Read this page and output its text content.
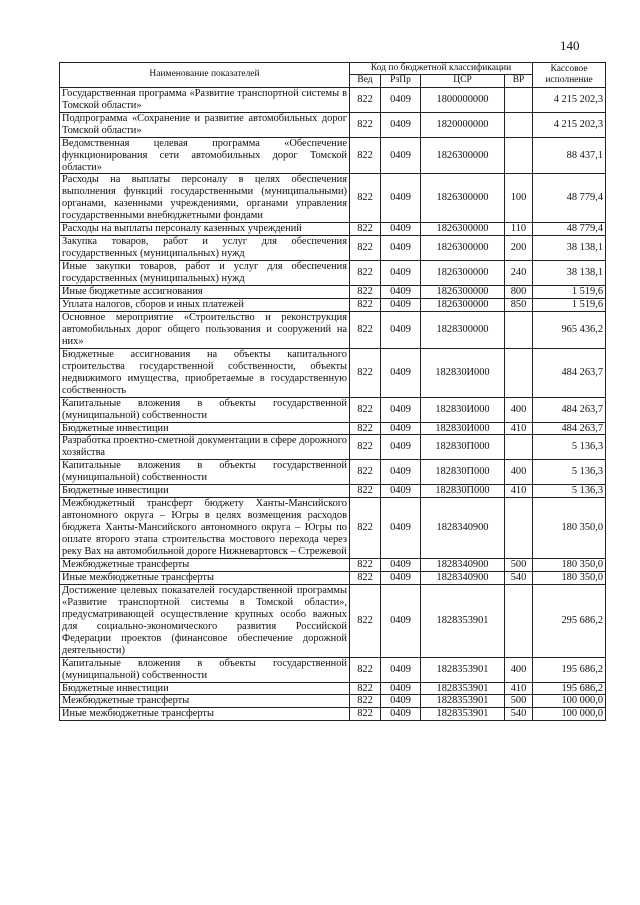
140
Наименование показателей	Код по бюджетной классификации				Кассовое исполнение
	Вед	РзПр	ЦСР	ВР	
Государственная программа «Развитие транспортной системы в Томской области»	822	0409	1800000000		4 215 202,3
Подпрограмма «Сохранение и развитие автомобильных дорог Томской области»	822	0409	1820000000		4 215 202,3
Ведомственная целевая программа «Обеспечение функционирования сети автомобильных дорог Томской области»	822	0409	1826300000		88 437,1
Расходы на выплаты персоналу в целях обеспечения выполнения функций государственными (муниципальными) органами, казенными учреждениями, органами управления государственными внебюджетными фондами	822	0409	1826300000	100	48 779,4
Расходы на выплаты персоналу казенных учреждений	822	0409	1826300000	110	48 779,4
Закупка товаров, работ и услуг для обеспечения государственных (муниципальных) нужд	822	0409	1826300000	200	38 138,1
Иные закупки товаров, работ и услуг для обеспечения государственных (муниципальных) нужд	822	0409	1826300000	240	38 138,1
Иные бюджетные ассигнования	822	0409	1826300000	800	1 519,6
Уплата налогов, сборов и иных платежей	822	0409	1826300000	850	1 519,6
Основное мероприятие «Строительство и реконструкция автомобильных дорог общего пользования и сооружений на них»	822	0409	1828300000		965 436,2
Бюджетные ассигнования на объекты капитального строительства государственной собственности, объекты недвижимого имущества, приобретаемые в государственную собственность	822	0409	182830И000		484 263,7
Капитальные вложения в объекты государственной (муниципальной) собственности	822	0409	182830И000	400	484 263,7
Бюджетные инвестиции	822	0409	182830И000	410	484 263,7
Разработка проектно-сметной документации в сфере дорожного хозяйства	822	0409	182830П000		5 136,3
Капитальные вложения в объекты государственной (муниципальной) собственности	822	0409	182830П000	400	5 136,3
Бюджетные инвестиции	822	0409	182830П000	410	5 136,3
Межбюджетный трансферт бюджету Ханты-Мансийского автономного округа – Югры в целях возмещения расходов бюджета Ханты-Мансийского автономного округа – Югры по оплате второго этапа строительства мостового перехода через реку Вах на автомобильной дороге Нижневартовск – Стрежевой	822	0409	1828340900		180 350,0
Межбюджетные трансферты	822	0409	1828340900	500	180 350,0
Иные межбюджетные трансферты	822	0409	1828340900	540	180 350,0
Достижение целевых показателей государственной программы «Развитие транспортной системы в Томской области», предусматривающей осуществление крупных особо важных для социально-экономического развития Российской Федерации проектов (финансовое обеспечение дорожной деятельности)	822	0409	1828353901		295 686,2
Капитальные вложения в объекты государственной (муниципальной) собственности	822	0409	1828353901	400	195 686,2
Бюджетные инвестиции	822	0409	1828353901	410	195 686,2
Межбюджетные трансферты	822	0409	1828353901	500	100 000,0
Иные межбюджетные трансферты	822	0409	1828353901	540	100 000,0
